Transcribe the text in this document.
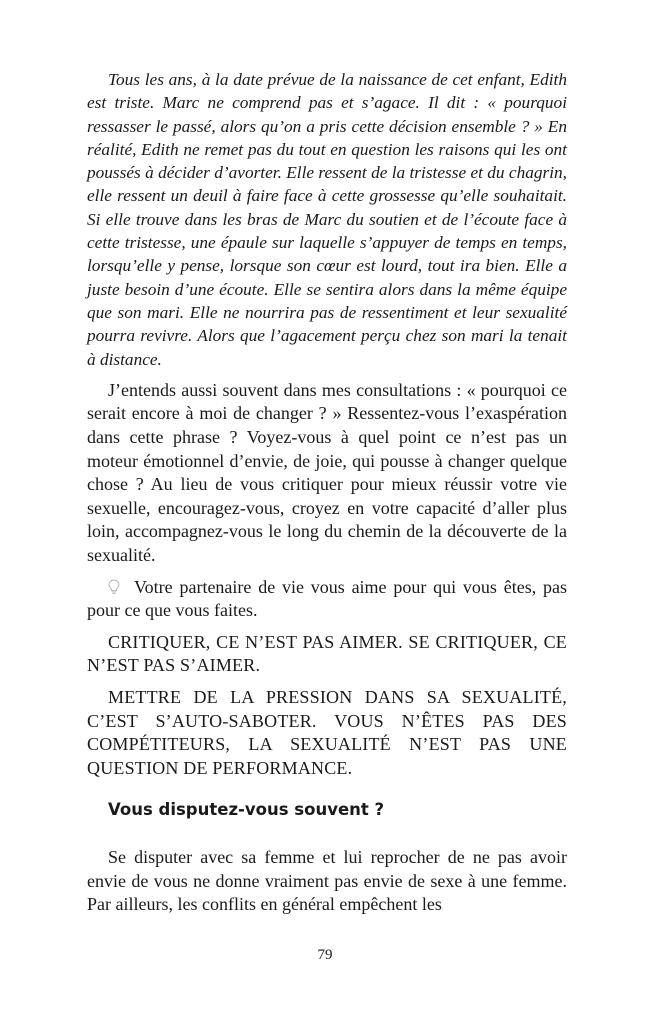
Tous les ans, à la date prévue de la naissance de cet enfant, Edith est triste. Marc ne comprend pas et s’agace. Il dit : « pourquoi ressasser le passé, alors qu’on a pris cette décision ensemble ? » En réalité, Edith ne remet pas du tout en question les raisons qui les ont poussés à décider d’avorter. Elle ressent de la tristesse et du chagrin, elle ressent un deuil à faire face à cette grossesse qu’elle souhaitait. Si elle trouve dans les bras de Marc du soutien et de l’écoute face à cette tristesse, une épaule sur laquelle s’appuyer de temps en temps, lorsqu’elle y pense, lorsque son cœur est lourd, tout ira bien. Elle a juste besoin d’une écoute. Elle se sentira alors dans la même équipe que son mari. Elle ne nourrira pas de ressentiment et leur sexualité pourra revivre. Alors que l’agacement perçu chez son mari la tenait à distance.

J’entends aussi souvent dans mes consultations : « pourquoi ce serait encore à moi de changer ? » Ressentez-vous l’exaspération dans cette phrase ? Voyez-vous à quel point ce n’est pas un moteur émotionnel d’envie, de joie, qui pousse à changer quelque chose ? Au lieu de vous critiquer pour mieux réussir votre vie sexuelle, encouragez-vous, croyez en votre capacité d’aller plus loin, accompagnez-vous le long du chemin de la découverte de la sexualité.

Votre partenaire de vie vous aime pour qui vous êtes, pas pour ce que vous faites.

CRITIQUER, CE N’EST PAS AIMER. SE CRITIQUER, CE N’EST PAS S’AIMER.

METTRE DE LA PRESSION DANS SA SEXUALITÉ, C’EST S’AUTO-SABOTER. VOUS N’ÊTES PAS DES COMPÉTITEURS, LA SEXUALITÉ N’EST PAS UNE QUESTION DE PERFORMANCE.

Vous disputez-vous souvent ?

Se disputer avec sa femme et lui reprocher de ne pas avoir envie de vous ne donne vraiment pas envie de sexe à une femme. Par ailleurs, les conflits en général empêchent les

79
